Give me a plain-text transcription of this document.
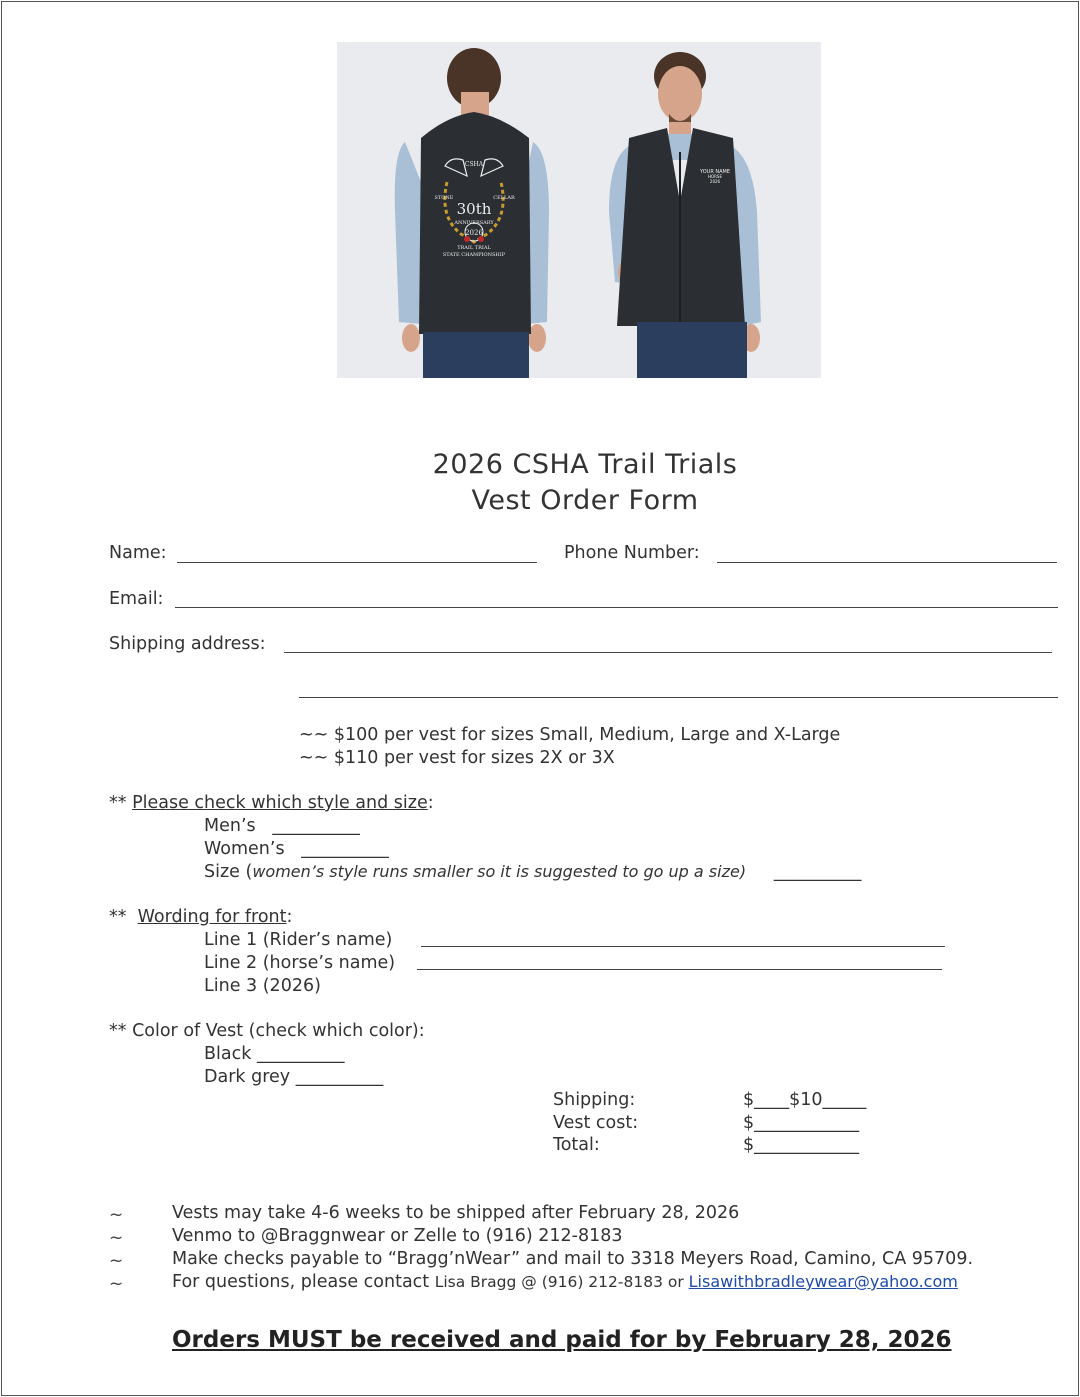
CSHA
STONE	CELLAR
30th
ANNIVERSARY
2026
TRAIL TRIAL
STATE CHAMPIONSHIP
YOUR NAME
HORSE
2026
2026 CSHA Trail Trials
Vest Order Form
Name:	Phone Number:
Email:
Shipping address:
~~ $100 per vest for sizes Small, Medium, Large and X-Large
~~ $110 per vest for sizes 2X or 3X
** Please check which style and size:
Men’s __________
Women’s __________
Size (women’s style runs smaller so it is suggested to go up a size) __________
** Wording for front:
Line 1 (Rider’s name)
Line 2 (horse’s name)
Line 3 (2026)
** Color of Vest (check which color):
Black __________
Dark grey __________
Shipping:	$____$10_____
Vest cost:	$____________
Total:	$____________
~	Vests may take 4-6 weeks to be shipped after February 28, 2026
~	Venmo to @Braggnwear or Zelle to (916) 212-8183
~	Make checks payable to “Bragg’nWear” and mail to 3318 Meyers Road, Camino, CA 95709.
~	For questions, please contact Lisa Bragg @ (916) 212-8183 or Lisawithbradleywear@yahoo.com
Orders MUST be received and paid for by February 28, 2026
